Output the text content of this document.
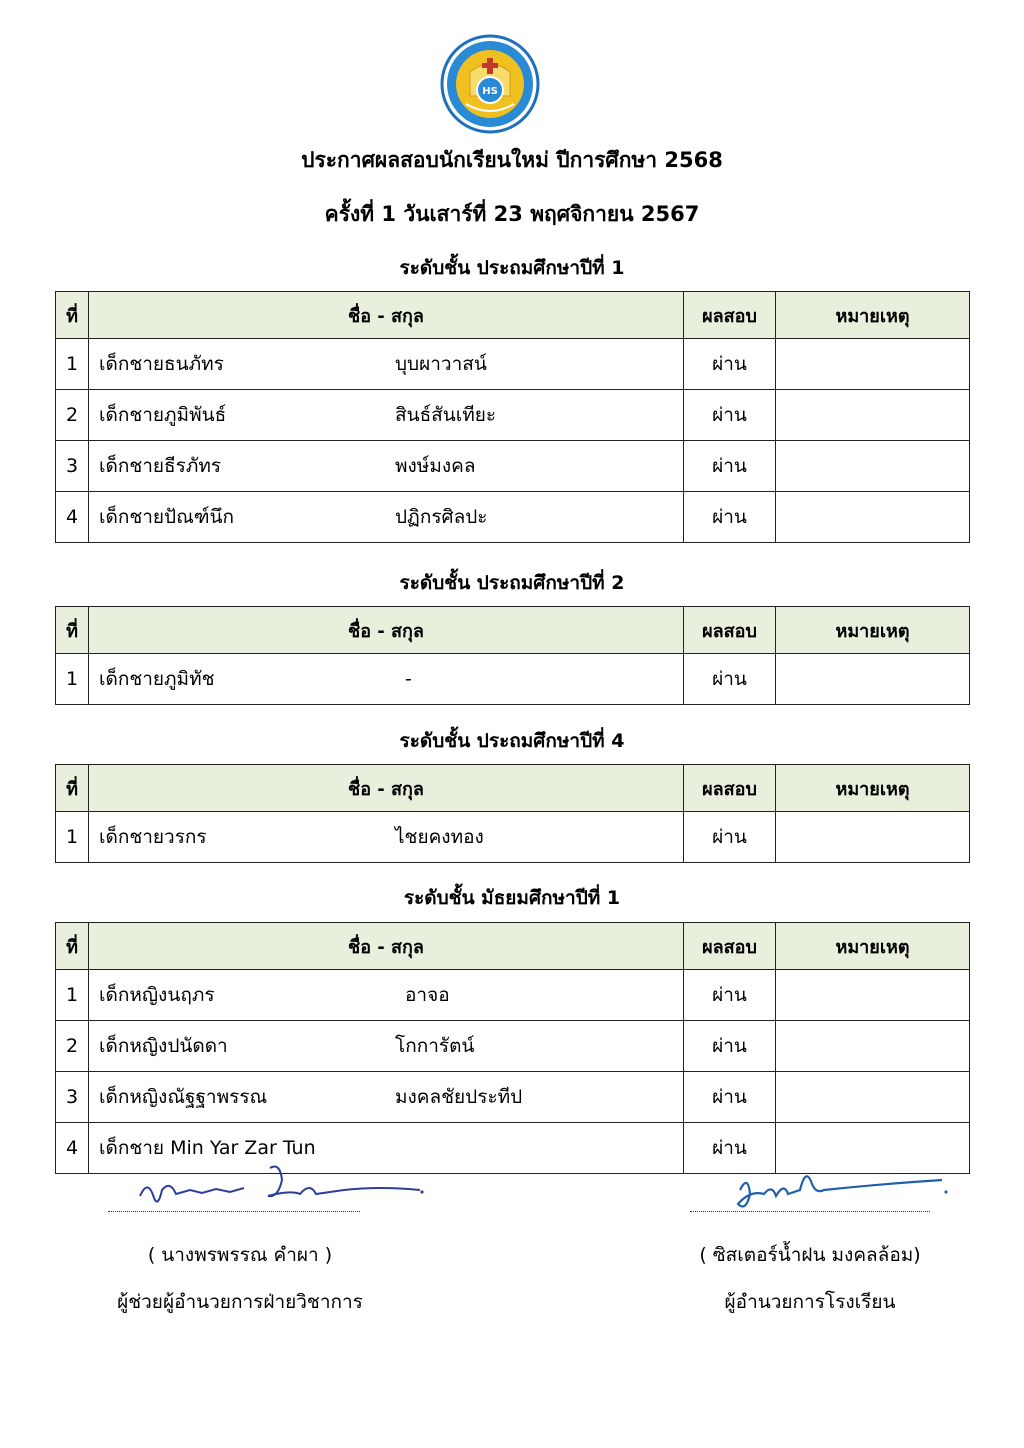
HS
ประกาศผลสอบนักเรียนใหม่ ปีการศึกษา 2568
ครั้งที่ 1 วันเสาร์ที่ 23 พฤศจิกายน 2567
ระดับชั้น ประถมศึกษาปีที่ 1
ที่	ชื่อ - สกุล	ผลสอบ	หมายเหตุ
1	เด็กชายธนภัทร บุบผาวาสน์	ผ่าน	
2	เด็กชายภูมิพันธ์ สินธ์สันเทียะ	ผ่าน	
3	เด็กชายธีรภัทร พงษ์มงคล	ผ่าน	
4	เด็กชายปัณฑ์นึก ปฏิกรศิลปะ	ผ่าน	
ระดับชั้น ประถมศึกษาปีที่ 2
ที่	ชื่อ - สกุล	ผลสอบ	หมายเหตุ
1	เด็กชายภูมิทัช -	ผ่าน	
ระดับชั้น ประถมศึกษาปีที่ 4
ที่	ชื่อ - สกุล	ผลสอบ	หมายเหตุ
1	เด็กชายวรกร ไชยคงทอง	ผ่าน	
ระดับชั้น มัธยมศึกษาปีที่ 1
ที่	ชื่อ - สกุล	ผลสอบ	หมายเหตุ
1	เด็กหญิงนฤภร อาจอ	ผ่าน	
2	เด็กหญิงปนัดดา โกการัตน์	ผ่าน	
3	เด็กหญิงณัฐฐาพรรณ มงคลชัยประทีป	ผ่าน	
4	เด็กชาย Min Yar Zar Tun	ผ่าน	
( นางพรพรรณ คำผา )
ผู้ช่วยผู้อำนวยการฝ่ายวิชาการ
( ซิสเตอร์น้ำฝน มงคลล้อม)
ผู้อำนวยการโรงเรียน
